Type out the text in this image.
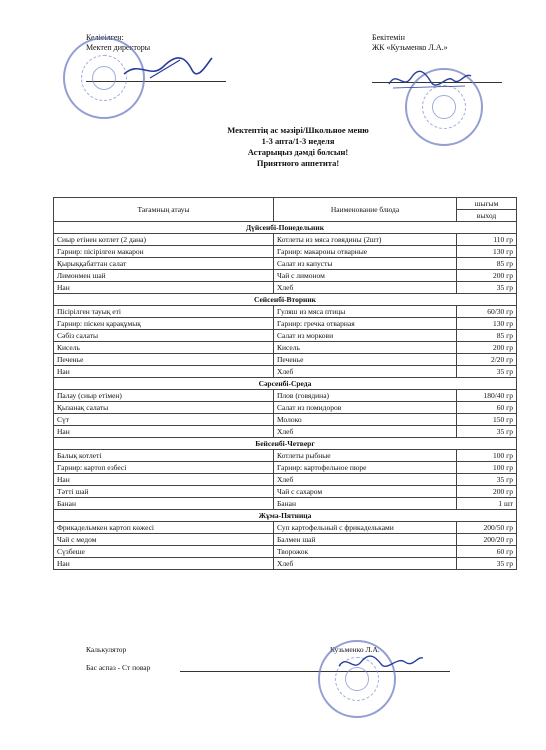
Келісілген:
Мектеп директоры
Бекітемін
ЖК «Кузьменко Л.А.»
Мектептің ас мәзірі/Школьное меню
1-3 апта/1-3 неделя
Астарыңыз дәмді болсын!
Приятного аппетита!
Тағамның атауы	Наименование блюда	шығым
		выход
Дүйсенбі-Понедельник		
Сиыр етінен котлет (2 дана)	Котлеты из мяса говядины (2шт)	110 гр
Гарнир: пісірілген макарон	Гарнир: макароны отварные	130 гр
Қырыққабаттан салат	Салат из капусты	85 гр
Лимонмен шай	Чай с лимоном	200 гр
Нан	Хлеб	35 гр
Сейсенбі-Вторник		
Пісірілген тауық еті	Гуляш из мяса птицы	60/30 гр
Гарнир: піскен қарақұмық	Гарнир: гречка отварная	130 гр
Сәбіз салаты	Салат из моркови	85 гр
Кисель	Кисель	200 гр
Печенье	Печенье	2/20 гр
Нан	Хлеб	35 гр
Сәрсенбі-Среда		
Палау (сиыр етімен)	Плов (говядина)	180/40 гр
Қызанақ салаты	Салат из помидоров	60 гр
Сүт	Молоко	150 гр
Нан	Хлеб	35 гр
Бейсенбі-Четверг		
Балық котлеті	Котлеты рыбные	100 гр
Гарнир: картоп езбесі	Гарнир: картофельное пюре	100 гр
Нан	Хлеб	35 гр
Тәтті шай	Чай с сахаром	200 гр
Банан	Банан	1 шт
Жұма-Пятница		
Фрикадельмкен картоп көжесі	Суп картофельный с фрикадельками	200/50 гр
Чай с медом	Балмен шай	200/20 гр
Сүзбеше	Творожок	60 гр
Нан	Хлеб	35 гр
Калькулятор
Бас аспаз - Ст повар
Кузьменко Л.А.
